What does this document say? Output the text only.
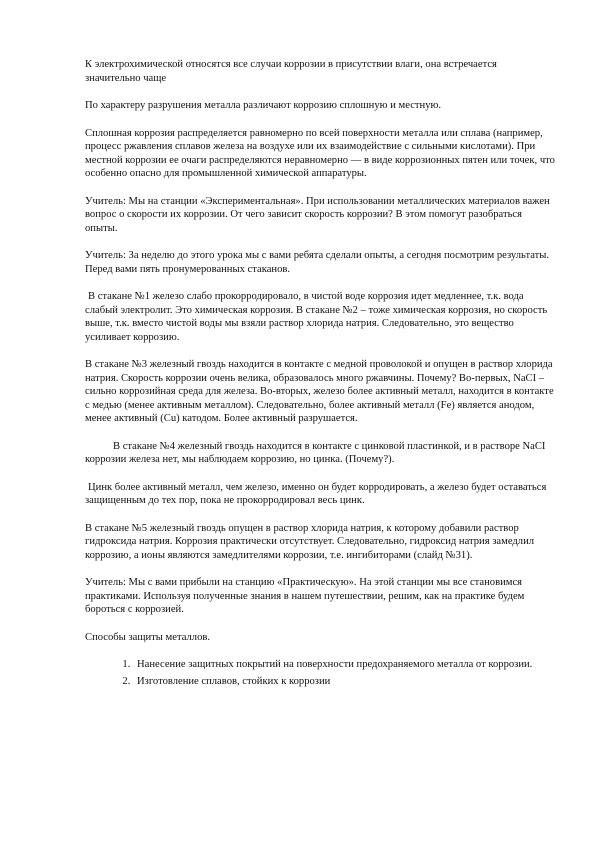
К электрохимической относятся все случаи коррозии в присутствии влаги, она встречается значительно чаще

По характеру разрушения металла различают коррозию сплошную и местную.

Сплошная коррозия распределяется равномерно по всей поверхности металла или сплава (например, процесс ржавления сплавов железа на воздухе или их взаимодействие с сильными кислотами). При местной коррозии ее очаги распределяются неравномерно — в виде коррозионных пятен или точек, что особенно опасно для промышленной химической аппаратуры.

Учитель: Мы на станции «Экспериментальная». При использовании металлических материалов важен вопрос о скорости их коррозии. От чего зависит скорость коррозии? В этом помогут разобраться опыты.

Учитель: За неделю до этого урока мы с вами ребята сделали опыты, а сегодня посмотрим результаты. Перед вами пять пронумерованных стаканов.

В стакане №1 железо слабо прокорродировало, в чистой воде коррозия идет медленнее, т.к. вода слабый электролит. Это химическая коррозия. В стакане №2 – тоже химическая коррозия, но скорость выше, т.к. вместо чистой воды мы взяли раствор хлорида натрия. Следовательно, это вещество усиливает коррозию.

В стакане №3 железный гвоздь находится в контакте с медной проволокой и опущен в раствор хлорида натрия. Скорость коррозии очень велика, образовалось много ржавчины. Почему? Во-первых, NaCI – сильно коррозийная среда для железа. Во-вторых, железо более активный металл, находится в контакте с медью (менее активным металлом). Следовательно, более активный металл (Fe) является анодом, менее активный (Cu) катодом. Более активный разрушается.

В стакане №4 железный гвоздь находится в контакте с цинковой пластинкой, и в растворе NaCI коррозии железа нет, мы наблюдаем коррозию, но цинка. (Почему?).

Цинк более активный металл, чем железо, именно он будет корродировать, а железо будет оставаться защищенным до тех пор, пока не прокорродировал весь цинк.

В стакане №5 железный гвоздь опущен в раствор хлорида натрия, к которому добавили раствор гидроксида натрия. Коррозия практически отсутствует. Следовательно, гидроксид натрия замедлил коррозию, а ионы являются замедлителями коррозии, т.е. ингибиторами (слайд №31).

Учитель: Мы с вами прибыли на станцию «Практическую». На этой станции мы все становимся практиками. Используя полученные знания в нашем путешествии, решим, как на практике будем бороться с коррозией.

Способы защиты металлов.

1. Нанесение защитных покрытий на поверхности предохраняемого металла от коррозии.
2. Изготовление сплавов, стойких к коррозии
